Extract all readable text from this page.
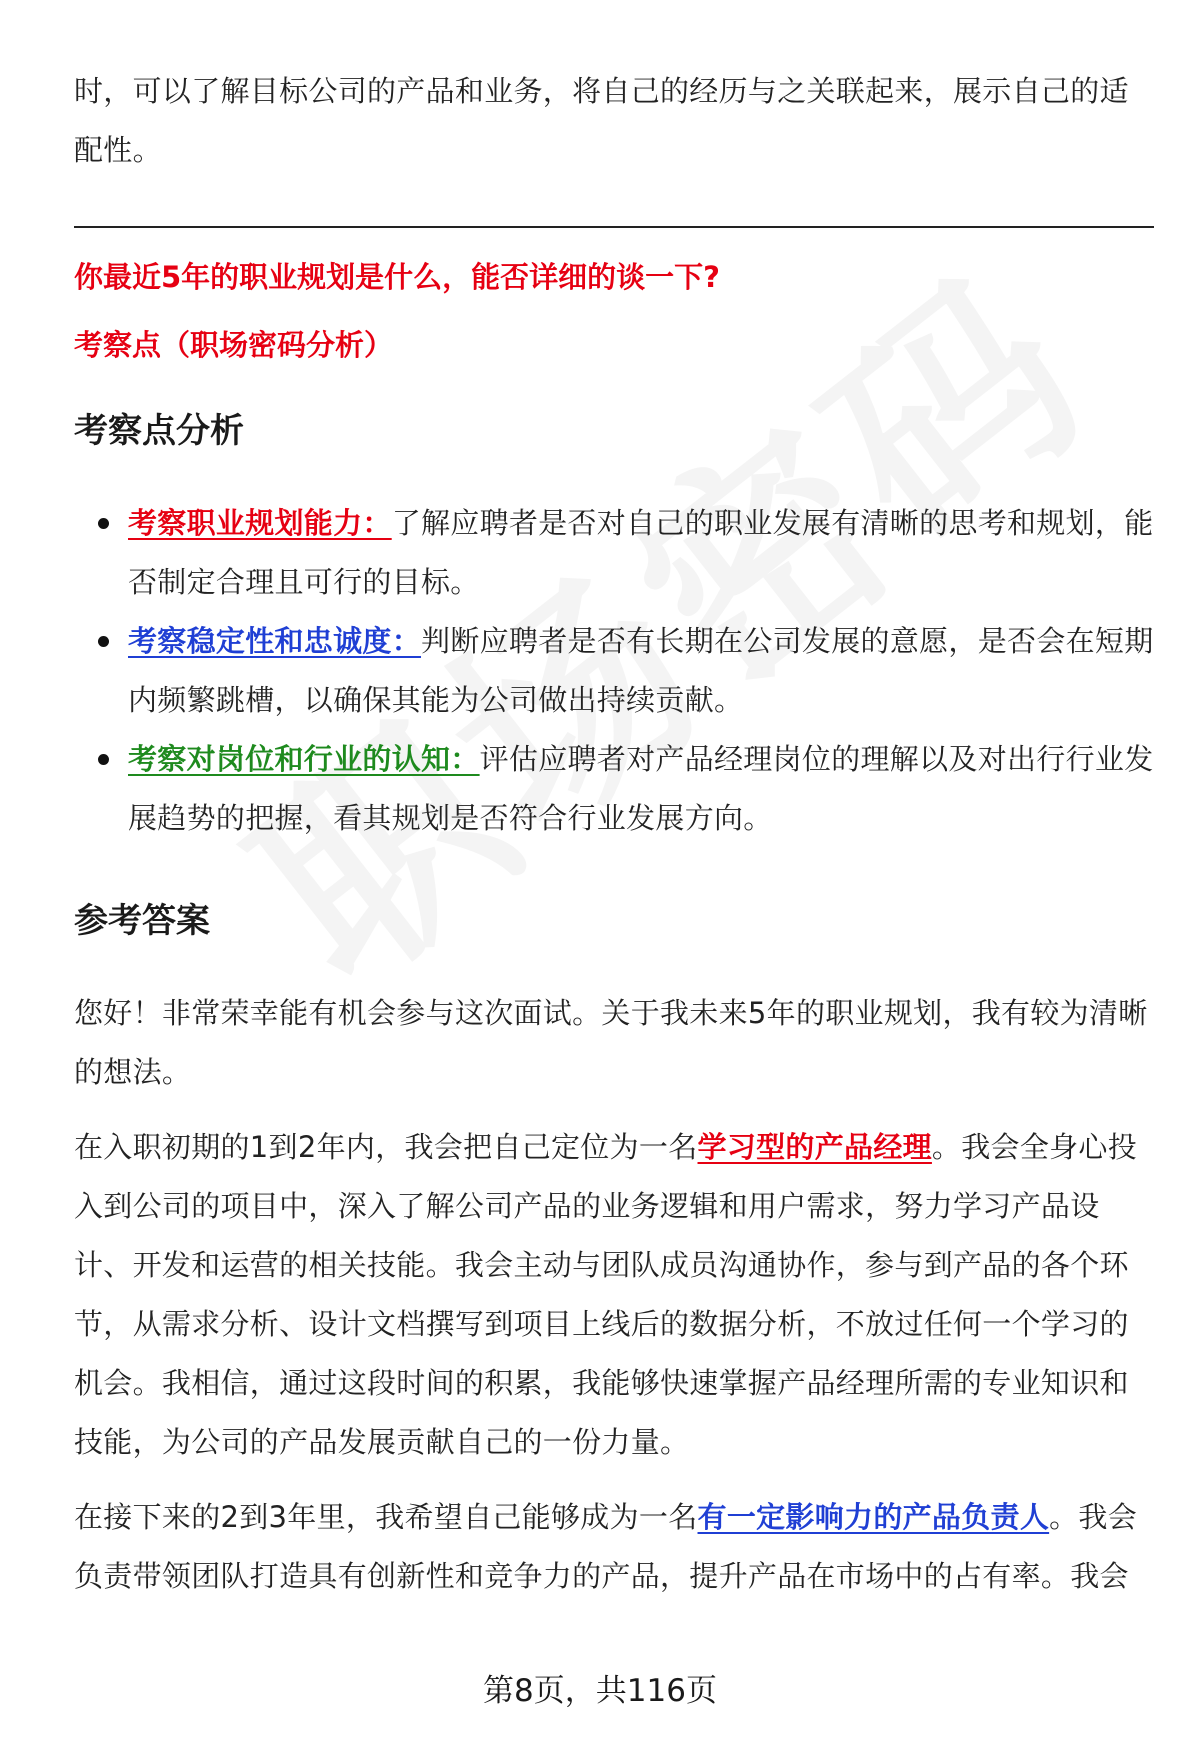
时，可以了解目标公司的产品和业务，将自己的经历与之关联起来，展示自己的适配性。

你最近5年的职业规划是什么，能否详细的谈一下?

考察点（职场密码分析）

考察点分析
考察职业规划能力：了解应聘者是否对自己的职业发展有清晰的思考和规划，能否制定合理且可行的目标。
考察稳定性和忠诚度：判断应聘者是否有长期在公司发展的意愿，是否会在短期内频繁跳槽，以确保其能为公司做出持续贡献。
考察对岗位和行业的认知：评估应聘者对产品经理岗位的理解以及对出行行业发展趋势的把握，看其规划是否符合行业发展方向。
参考答案

您好！非常荣幸能有机会参与这次面试。关于我未来5年的职业规划，我有较为清晰的想法。

在入职初期的1到2年内，我会把自己定位为一名学习型的产品经理。我会全身心投入到公司的项目中，深入了解公司产品的业务逻辑和用户需求，努力学习产品设计、开发和运营的相关技能。我会主动与团队成员沟通协作，参与到产品的各个环节，从需求分析、设计文档撰写到项目上线后的数据分析，不放过任何一个学习的机会。我相信，通过这段时间的积累，我能够快速掌握产品经理所需的专业知识和技能，为公司的产品发展贡献自己的一份力量。

在接下来的2到3年里，我希望自己能够成为一名有一定影响力的产品负责人。我会负责带领团队打造具有创新性和竞争力的产品，提升产品在市场中的占有率。我会

第8页，共116页
